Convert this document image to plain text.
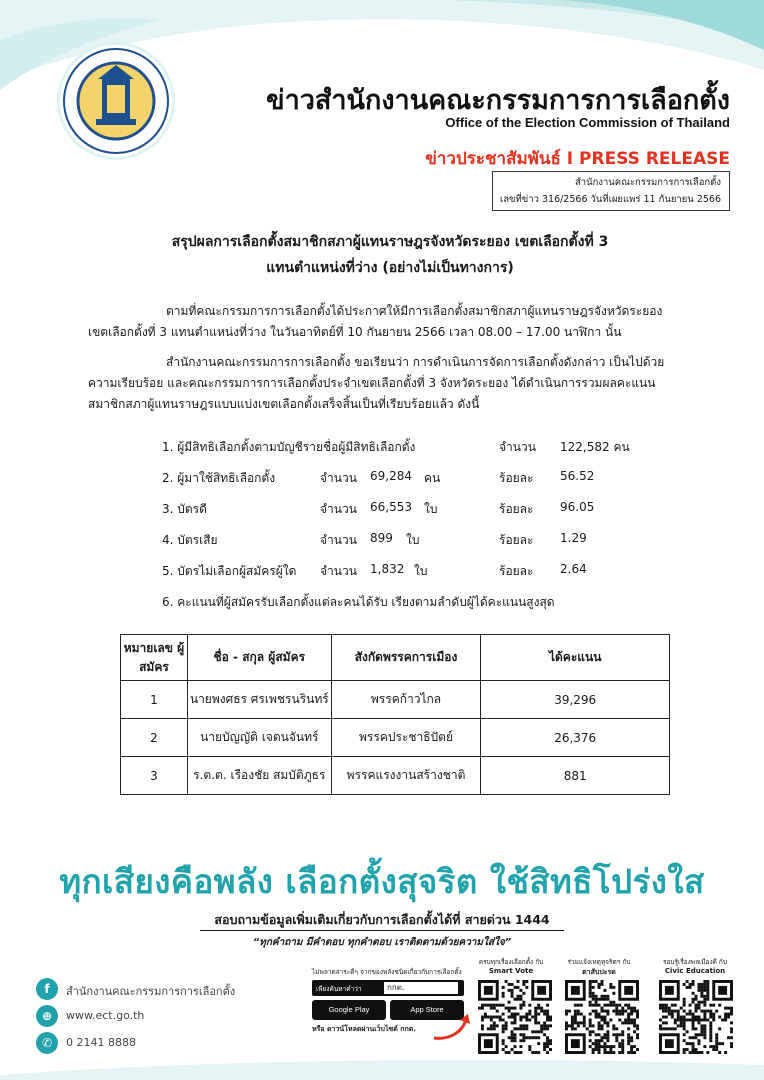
ข่าวสำนักงานคณะกรรมการการเลือกตั้ง
Office of the Election Commission of Thailand
ข่าวประชาสัมพันธ์ I PRESS RELEASE
สำนักงานคณะกรรมการการเลือกตั้ง
เลขที่ข่าว 316/2566 วันที่เผยแพร่ 11 กันยายน 2566
สรุปผลการเลือกตั้งสมาชิกสภาผู้แทนราษฎรจังหวัดระยอง เขตเลือกตั้งที่ 3
แทนตำแหน่งที่ว่าง (อย่างไม่เป็นทางการ)
ตามที่คณะกรรมการการเลือกตั้งได้ประกาศให้มีการเลือกตั้งสมาชิกสภาผู้แทนราษฎรจังหวัดระยอง
เขตเลือกตั้งที่ 3 แทนตำแหน่งที่ว่าง ในวันอาทิตย์ที่ 10 กันยายน 2566 เวลา 08.00 – 17.00 นาฬิกา นั้น
สำนักงานคณะกรรมการการเลือกตั้ง ขอเรียนว่า การดำเนินการจัดการเลือกตั้งดังกล่าว เป็นไปด้วย
ความเรียบร้อย และคณะกรรมการการเลือกตั้งประจำเขตเลือกตั้งที่ 3 จังหวัดระยอง ได้ดำเนินการรวมผลคะแนน
สมาชิกสภาผู้แทนราษฎรแบบแบ่งเขตเลือกตั้งเสร็จสิ้นเป็นที่เรียบร้อยแล้ว ดังนี้
1. ผู้มีสิทธิเลือกตั้งตามบัญชีรายชื่อผู้มีสิทธิเลือกตั้ง	จำนวน 122,582 คน
2. ผู้มาใช้สิทธิเลือกตั้ง	จำนวน 69,284 คน	ร้อยละ 56.52
3. บัตรดี	จำนวน 66,553 ใบ	ร้อยละ 96.05
4. บัตรเสีย	จำนวน 899 ใบ	ร้อยละ 1.29
5. บัตรไม่เลือกผู้สมัครผู้ใด จำนวน 1,832 ใบ	ร้อยละ 2.64
6. คะแนนที่ผู้สมัครรับเลือกตั้งแต่ละคนได้รับ เรียงตามลำดับผู้ได้คะแนนสูงสุด
หมายเลข ผู้สมัคร	ชื่อ - สกุล ผู้สมัคร	สังกัดพรรคการเมือง	ได้คะแนน
1	นายพงศธร ศรเพชรนรินทร์	พรรคก้าวไกล	39,296
2	นายบัญญัติ เจตนจันทร์	พรรคประชาธิปัตย์	26,376
3	ร.ต.ต. เรืองชัย สมบัติภูธร	พรรคแรงงานสร้างชาติ	881
ทุกเสียงคือพลัง เลือกตั้งสุจริต ใช้สิทธิโปร่งใส
สอบถามข้อมูลเพิ่มเติมเกี่ยวกับการเลือกตั้งได้ที่ สายด่วน 1444
“ทุกคำถาม มีคำตอบ ทุกคำตอบ เราติดตามด้วยความใส่ใจ”
f	สำนักงานคณะกรรมการการเลือกตั้ง
⊕	www.ect.go.th
✆	0 2141 8888
ไม่พลาดสาระดีๆ จากของพลังชนิดเกี่ยวกับการเลือกตั้ง
เพียงค้นหาคำว่า	กกต.
Google Play	App Store
หรือ ดาวน์โหลดผ่านเว็บไซต์ กกต.
ครบทุกเรื่องเลือกตั้ง กับ
Smart Vote
ร่วมแจ้งเหตุทุจริตฯ กับ
ตาสับปะรด
รอบรู้เรื่องพลเมืองดี กับ
Civic Education
